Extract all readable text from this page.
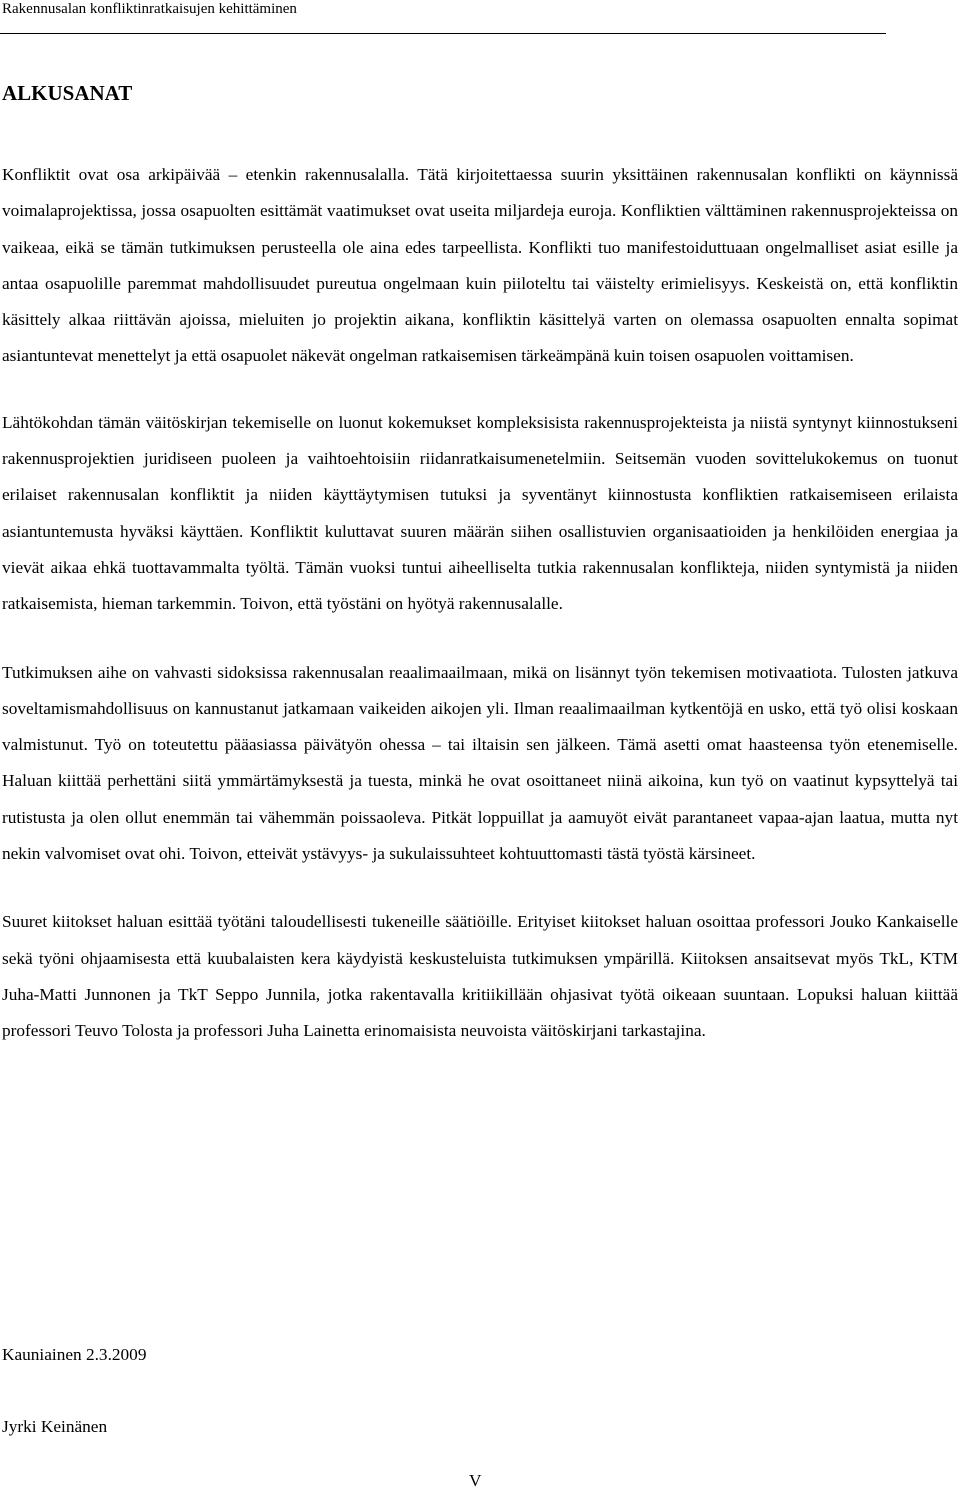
Rakennusalan konfliktinratkaisujen kehittäminen
ALKUSANAT

Konfliktit ovat osa arkipäivää – etenkin rakennusalalla. Tätä kirjoitettaessa suurin yksittäinen rakennusalan konflikti on käynnissä voimalaprojektissa, jossa osapuolten esittämät vaatimukset ovat useita miljardeja euroja. Konfliktien välttäminen rakennusprojekteissa on vaikeaa, eikä se tämän tutkimuksen perusteella ole aina edes tarpeellista. Konflikti tuo manifestoiduttuaan ongelmalliset asiat esille ja antaa osapuolille paremmat mahdollisuudet pureutua ongelmaan kuin piiloteltu tai väistelty erimielisyys. Keskeistä on, että konfliktin käsittely alkaa riittävän ajoissa, mieluiten jo projektin aikana, konfliktin käsittelyä varten on olemassa osapuolten ennalta sopimat asiantuntevat menettelyt ja että osapuolet näkevät ongelman ratkaisemisen tärkeämpänä kuin toisen osapuolen voittamisen.

Lähtökohdan tämän väitöskirjan tekemiselle on luonut kokemukset kompleksisista rakennusprojekteista ja niistä syntynyt kiinnostukseni rakennusprojektien juridiseen puoleen ja vaihtoehtoisiin riidanratkaisumenetelmiin. Seitsemän vuoden sovittelukokemus on tuonut erilaiset rakennusalan konfliktit ja niiden käyttäytymisen tutuksi ja syventänyt kiinnostusta konfliktien ratkaisemiseen erilaista asiantuntemusta hyväksi käyttäen. Konfliktit kuluttavat suuren määrän siihen osallistuvien organisaatioiden ja henkilöiden energiaa ja vievät aikaa ehkä tuottavammalta työltä. Tämän vuoksi tuntui aiheelliselta tutkia rakennusalan konflikteja, niiden syntymistä ja niiden ratkaisemista, hieman tarkemmin. Toivon, että työstäni on hyötyä rakennusalalle.

Tutkimuksen aihe on vahvasti sidoksissa rakennusalan reaalimaailmaan, mikä on lisännyt työn tekemisen motivaatiota. Tulosten jatkuva soveltamismahdollisuus on kannustanut jatkamaan vaikeiden aikojen yli. Ilman reaalimaailman kytkentöjä en usko, että työ olisi koskaan valmistunut. Työ on toteutettu pääasiassa päivätyön ohessa – tai iltaisin sen jälkeen. Tämä asetti omat haasteensa työn etenemiselle. Haluan kiittää perhettäni siitä ymmärtämyksestä ja tuesta, minkä he ovat osoittaneet niinä aikoina, kun työ on vaatinut kypsyttelyä tai rutistusta ja olen ollut enemmän tai vähemmän poissaoleva. Pitkät loppuillat ja aamuyöt eivät parantaneet vapaa-ajan laatua, mutta nyt nekin valvomiset ovat ohi. Toivon, etteivät ystävyys- ja sukulaissuhteet kohtuuttomasti tästä työstä kärsineet.

Suuret kiitokset haluan esittää työtäni taloudellisesti tukeneille säätiöille. Erityiset kiitokset haluan osoittaa professori Jouko Kankaiselle sekä työni ohjaamisesta että kuubalaisten kera käydyistä keskusteluista tutkimuksen ympärillä. Kiitoksen ansaitsevat myös TkL, KTM Juha-Matti Junnonen ja TkT Seppo Junnila, jotka rakentavalla kritiikillään ohjasivat työtä oikeaan suuntaan. Lopuksi haluan kiittää professori Teuvo Tolosta ja professori Juha Lainetta erinomaisista neuvoista väitöskirjani tarkastajina.

Kauniainen 2.3.2009
Jyrki Keinänen
V
